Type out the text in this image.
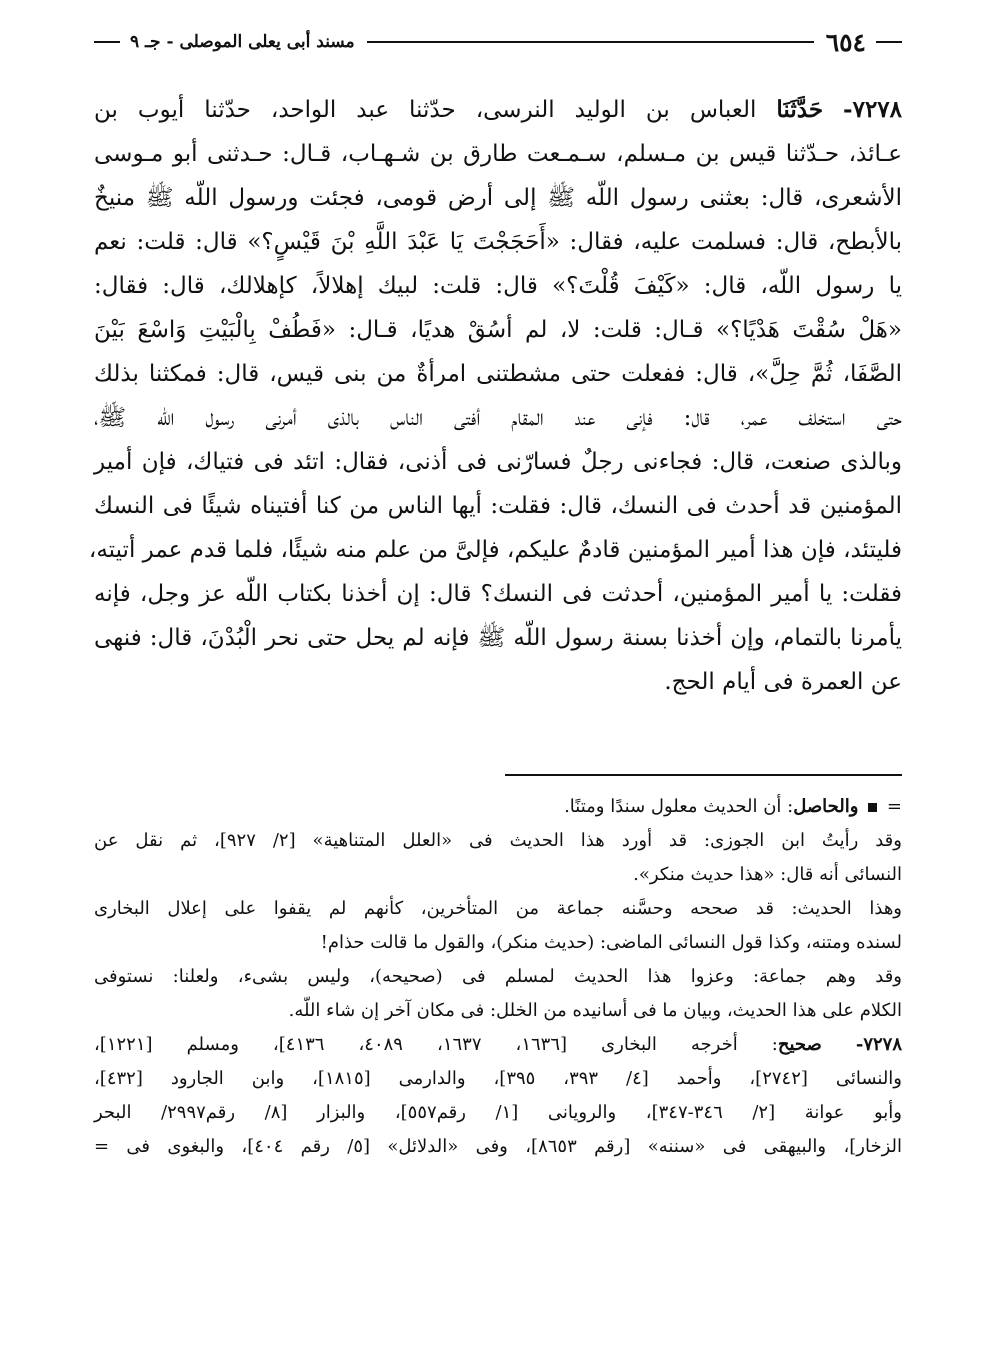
٦٥٤
مسند أبى يعلى الموصلى - جـ ٩
٧٢٧٨- حَدَّثَنَا العباس بن الوليد النرسى، حدّثنا عبد الواحد، حدّثنا أيوب بن
عـائذ، حـدّثنا قيس بن مـسلم، سـمـعت طارق بن شـهـاب، قـال: حـدثنى أبو مـوسى
الأشعرى، قال: بعثنى رسول اللّه ﷺ إلى أرض قومى، فجئت ورسول اللّه ﷺ منيخٌ
بالأبطح، قال: فسلمت عليه، فقال: «أَحَجَجْتَ يَا عَبْدَ اللَّهِ بْنَ قَيْسٍ؟» قال: قلت: نعم
يا رسول اللّه، قال: «كَيْفَ قُلْتَ؟» قال: قلت: لبيك إهلالاً، كإهلالك، قال: فقال:
«هَلْ سُقْتَ هَدْيًا؟» قـال: قلت: لا، لم أسُقْ هديًا، قـال: «فَطُفْ بِالْبَيْتِ وَاسْعَ بَيْنَ
الصَّفَا، ثُمَّ حِلَّ»، قال: ففعلت حتى مشطتنى امرأةٌ من بنى قيس، قال: فمكثنا بذلك
حتى استخلف عمر، قال: فإنى عند المقام أفتى الناس بالذى أمرنى رسول اللّه ﷺ،
وبالذى صنعت، قال: فجاءنى رجلٌ فسارّنى فى أذنى، فقال: اتئد فى فتياك، فإن أمير
المؤمنين قد أحدث فى النسك، قال: فقلت: أيها الناس من كنا أفتيناه شيئًا فى النسك
فليتئد، فإن هذا أمير المؤمنين قادمٌ عليكم، فإلىَّ من علم منه شيئًا، فلما قدم عمر أتيته،
فقلت: يا أمير المؤمنين، أحدثت فى النسك؟ قال: إن أخذنا بكتاب اللّه عز وجل، فإنه
يأمرنا بالتمام، وإن أخذنا بسنة رسول اللّه ﷺ فإنه لم يحل حتى نحر الْبُدْنَ، قال: فنهى
عن العمرة فى أيام الحج.
=  والحاصل: أن الحديث معلول سندًا ومتنًا.
وقد رأيتُ ابن الجوزى: قد أورد هذا الحديث فى «العلل المتناهية» [٢/ ٩٢٧]، ثم نقل عن
النسائى أنه قال: «هذا حديث منكر».
وهذا الحديث: قد صححه وحسَّنه جماعة من المتأخرين، كأنهم لم يقفوا على إعلال البخارى
لسنده ومتنه، وكذا قول النسائى الماضى: (حديث منكر)، والقول ما قالت حذام!
وقد وهم جماعة: وعزوا هذا الحديث لمسلم فى (صحيحه)، وليس بشىء، ولعلنا: نستوفى
الكلام على هذا الحديث، وبيان ما فى أسانيده من الخلل: فى مكان آخر إن شاء اللّه.
٧٢٧٨- صحيح: أخرجه البخارى [١٦٣٦، ١٦٣٧، ٤٠٨٩، ٤١٣٦]، ومسلم [١٢٢١]،
والنسائى [٢٧٤٢]، وأحمد [٤/ ٣٩٣، ٣٩٥]، والدارمى [١٨١٥]، وابن الجارود [٤٣٢]،
وأبو عوانة [٢/ ٣٤٦-٣٤٧]، والرويانى [١/ رقم٥٥٧]، والبزار [٨/ رقم٢٩٩٧/ البحر
الزخار]، والبيهقى فى «سننه» [رقم ٨٦٥٣]، وفى «الدلائل» [٥/ رقم ٤٠٤]، والبغوى فى =
